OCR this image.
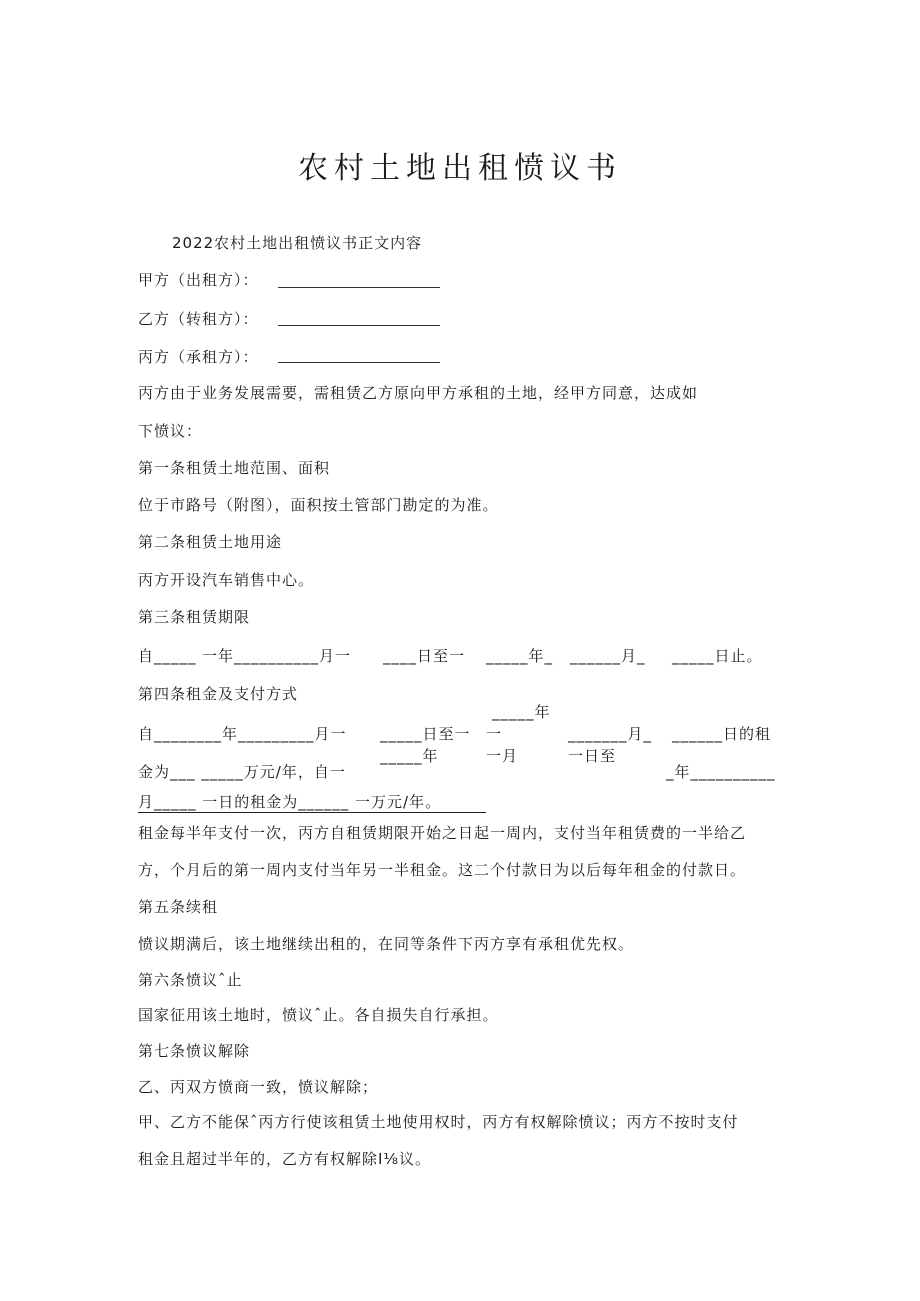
农村土地出租愤议书
2022农村土地出租愤议书正文内容
甲方（出租方）：
乙方（转租方）：
丙方（承租方）：
丙方由于业务发展需要，需租赁乙方原向甲方承租的土地，经甲方同意，达成如
下愤议：
第一条租赁土地范围、面积
位于市路号（附图），面积按土管部门勘定的为准。
第二条租赁土地用途
丙方开设汽车销售中心。
第三条租赁期限
自_____ 一年__________月一 ____日至一 _____年_ ______月_ _____日止。
第四条租金及支付方式
_____年
一
自________年_________月一 _____日至一	_______月_ ______日的租
_____年	一月	一日至
金为___ _____万元/年，自一	_年__________
月_____ 一日的租金为______ 一万元/年。
租金每半年支付一次，丙方自租赁期限开始之日起一周内，支付当年租赁费的一半给乙
方，个月后的第一周内支付当年另一半租金。这二个付款日为以后每年租金的付款日。
第五条续租
愤议期满后，该土地继续出租的，在同等条件下丙方享有承租优先权。
第六条愤议ˆ止
国家征用该土地时，愤议ˆ止。各自损失自行承担。
第七条愤议解除
乙、丙双方愤商一致，愤议解除；
甲、乙方不能保ˆ丙方行使该租赁土地使用权时，丙方有权解除愤议；丙方不按时支付
租金且超过半年的，乙方有权解除I⅛议。
